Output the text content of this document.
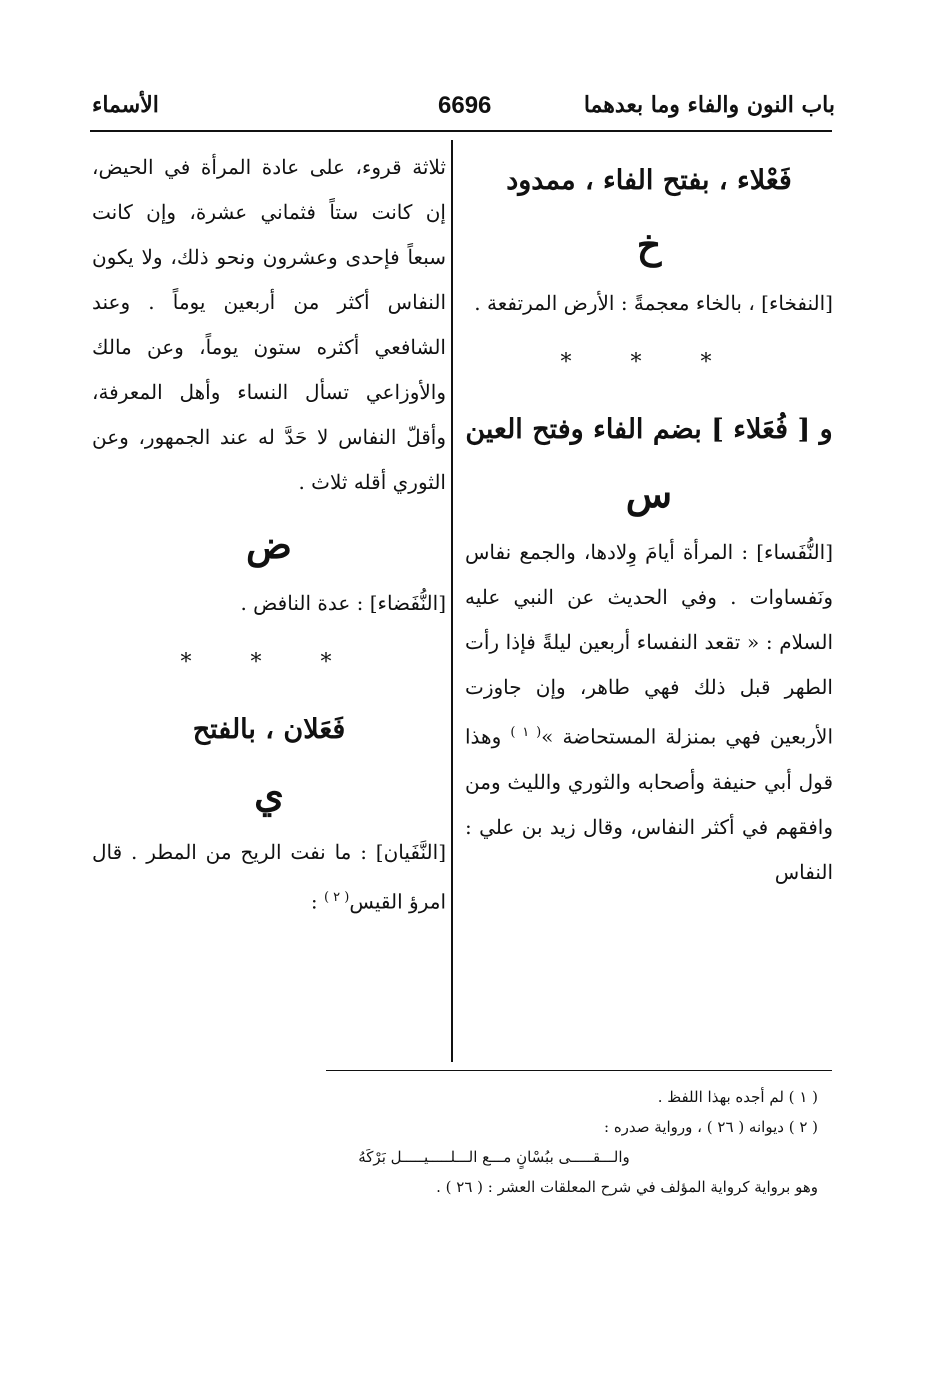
باب النون والفاء وما بعدهما
6696
الأسماء
فَعْلاء ، بفتح الفاء ، ممدود
خ

[النفخاء] ، بالخاء معجمةً : الأرض المرتفعة .

* * *
و [ فُعَلاء ] بضم الفاء وفتح العين
س

[النُّفَساء] : المرأة أيامَ وِلادها، والجمع نفاس ونَفساوات . وفي الحديث عن النبي عليه السلام : « تقعد النفساء أربعين ليلةً فإذا رأت الطهر قبل ذلك فهي طاهر، وإن جاوزت الأربعين فهي بمنزلة المستحاضة »$^{( ١ )}$ وهذا قول أبي حنيفة وأصحابه والثوري والليث ومن وافقهم في أكثر النفاس، وقال زيد بن علي : النفاس

ثلاثة قروء، على عادة المرأة في الحيض، إن كانت ستاً فثماني عشرة، وإن كانت سبعاً فإحدى وعشرون ونحو ذلك، ولا يكون النفاس أكثر من أربعين يوماً . وعند الشافعي أكثره ستون يوماً، وعن مالك والأوزاعي تسأل النساء وأهل المعرفة، وأقلّ النفاس لا حَدَّ له عند الجمهور، وعن الثوري أقله ثلاث .

ض

[النُّفَضاء] : عدة النافض .

* * *
فَعَلان ، بالفتح
ي

[النَّفَيان] : ما نفت الريح من المطر . قال امرؤ القيس$^{( ٢ )}$ :

( ١ ) لم أجده بهذا اللفظ .

( ٢ ) ديوانه ( ٢٦ ) ، ورواية صدره :

والـــقـــــى ببُسْانٍ مـــع الـــلـــــيـــــل بَرْكَهُ

وهو برواية كرواية المؤلف في شرح المعلقات العشر : ( ٢٦ ) .
